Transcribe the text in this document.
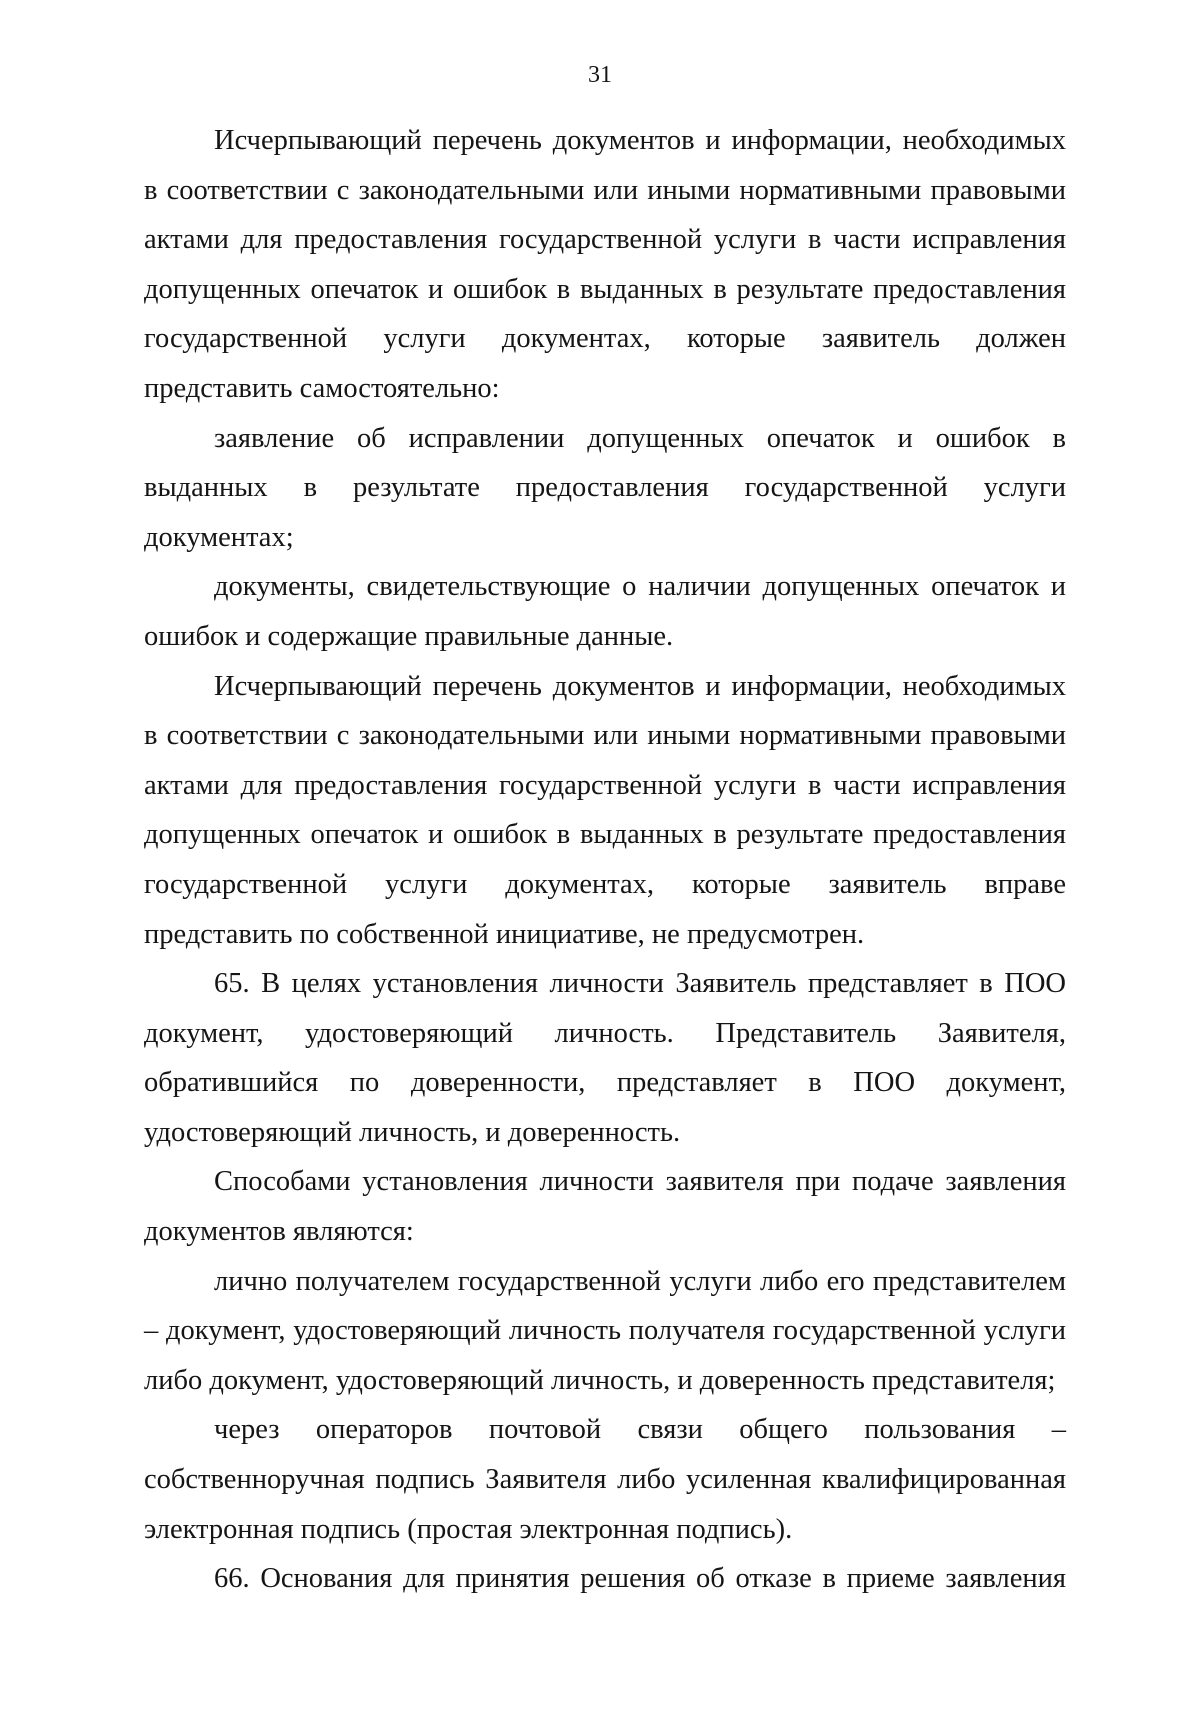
31

Исчерпывающий перечень документов и информации, необходимых в соответствии с законодательными или иными нормативными правовыми актами для предоставления государственной услуги в части исправления допущенных опечаток и ошибок в выданных в результате предоставления государственной услуги документах, которые заявитель должен представить самостоятельно:

заявление об исправлении допущенных опечаток и ошибок в выданных в результате предоставления государственной услуги документах;

документы, свидетельствующие о наличии допущенных опечаток и ошибок и содержащие правильные данные.

Исчерпывающий перечень документов и информации, необходимых в соответствии с законодательными или иными нормативными правовыми актами для предоставления государственной услуги в части исправления допущенных опечаток и ошибок в выданных в результате предоставления государственной услуги документах, которые заявитель вправе представить по собственной инициативе, не предусмотрен.

65. В целях установления личности Заявитель представляет в ПОО документ, удостоверяющий личность. Представитель Заявителя, обратившийся по доверенности, представляет в ПОО документ, удостоверяющий личность, и доверенность.

Способами установления личности заявителя при подаче заявления документов являются:

лично получателем государственной услуги либо его представителем – документ, удостоверяющий личность получателя государственной услуги либо документ, удостоверяющий личность, и доверенность представителя;

через операторов почтовой связи общего пользования – собственноручная подпись Заявителя либо усиленная квалифицированная электронная подпись (простая электронная подпись).

66. Основания для принятия решения об отказе в приеме заявления
